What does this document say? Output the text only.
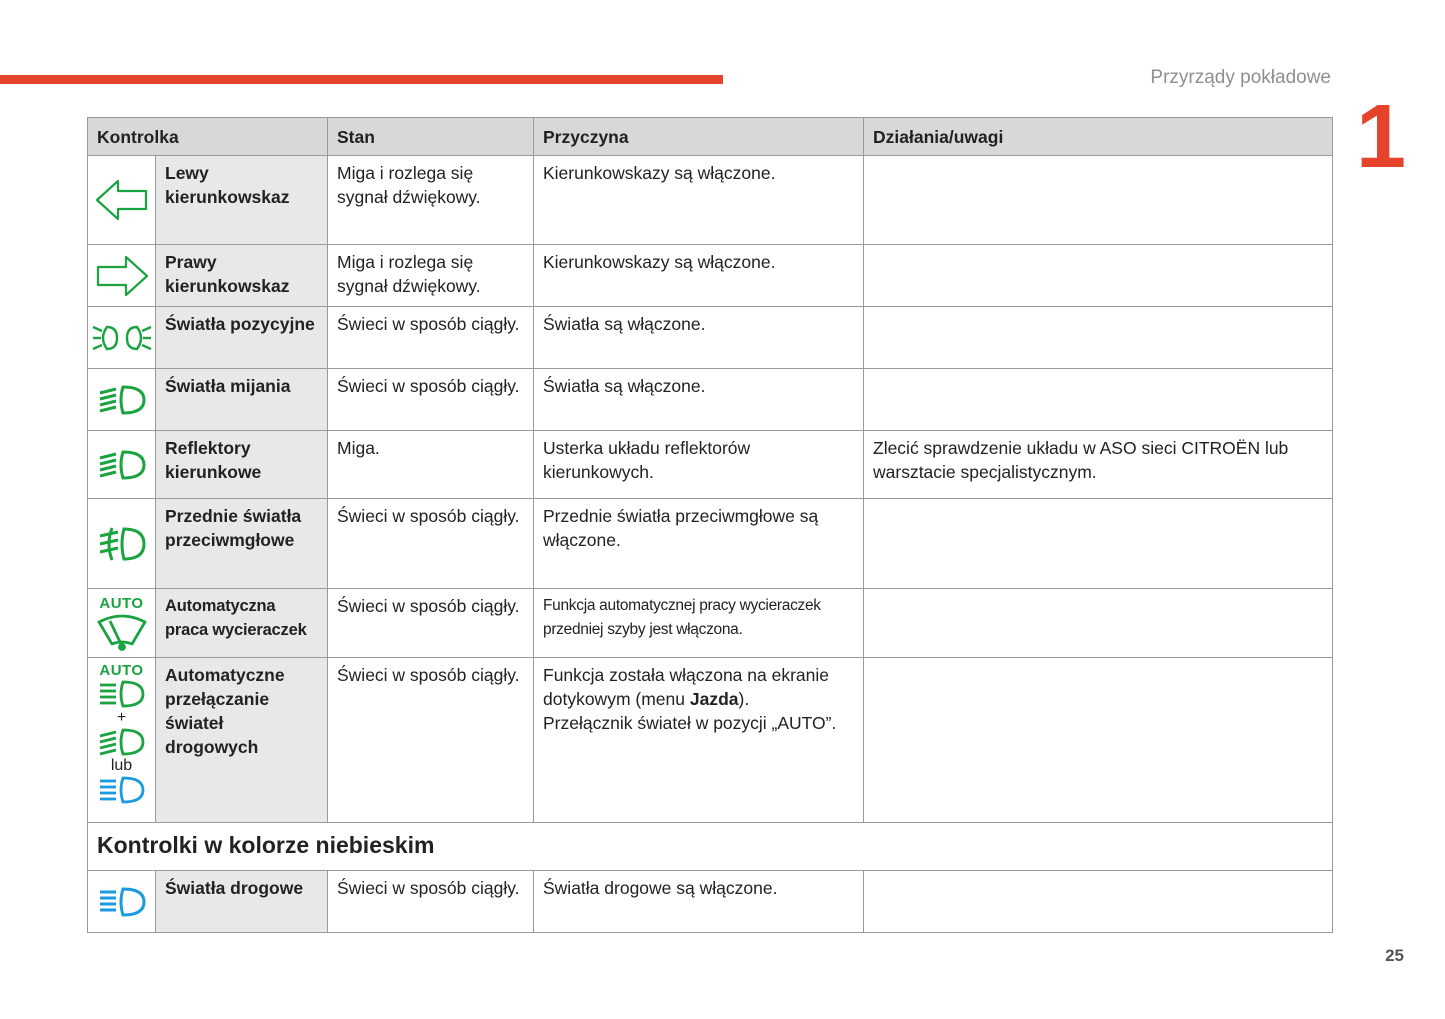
Przyrządy pokładowe
1
Kontrolka		Stan	Przyczyna	Działania/uwagi

	Lewy kierunkowskaz	Miga i rozlega się sygnał dźwiękowy.	Kierunkowskazy są włączone.	

	Prawy kierunkowskaz	Miga i rozlega się sygnał dźwiękowy.	Kierunkowskazy są włączone.	

	Światła pozycyjne	Świeci w sposób ciągły.	Światła są włączone.	

	Światła mijania	Świeci w sposób ciągły.	Światła są włączone.	

	Reflektory kierunkowe	Miga.	Usterka układu reflektorów kierunkowych.	Zlecić sprawdzenie układu w ASO sieci CITROËN lub warsztacie specjalistycznym.

	Przednie światła przeciwmgłowe	Świeci w sposób ciągły.	Przednie światła przeciwmgłowe są włączone.	

AUTO	Automatyczna praca wycieraczek	Świeci w sposób ciągły.	Funkcja automatycznej pracy wycieraczek przedniej szyby jest włączona.	

AUTO
+
lub	Automatyczne przełączanie świateł drogowych	Świeci w sposób ciągły.	Funkcja została włączona na ekranie dotykowym (menu Jazda).
Przełącznik świateł w pozycji „AUTO”.	
Kontrolki w kolorze niebieskim				

	Światła drogowe	Świeci w sposób ciągły.	Światła drogowe są włączone.	
25
